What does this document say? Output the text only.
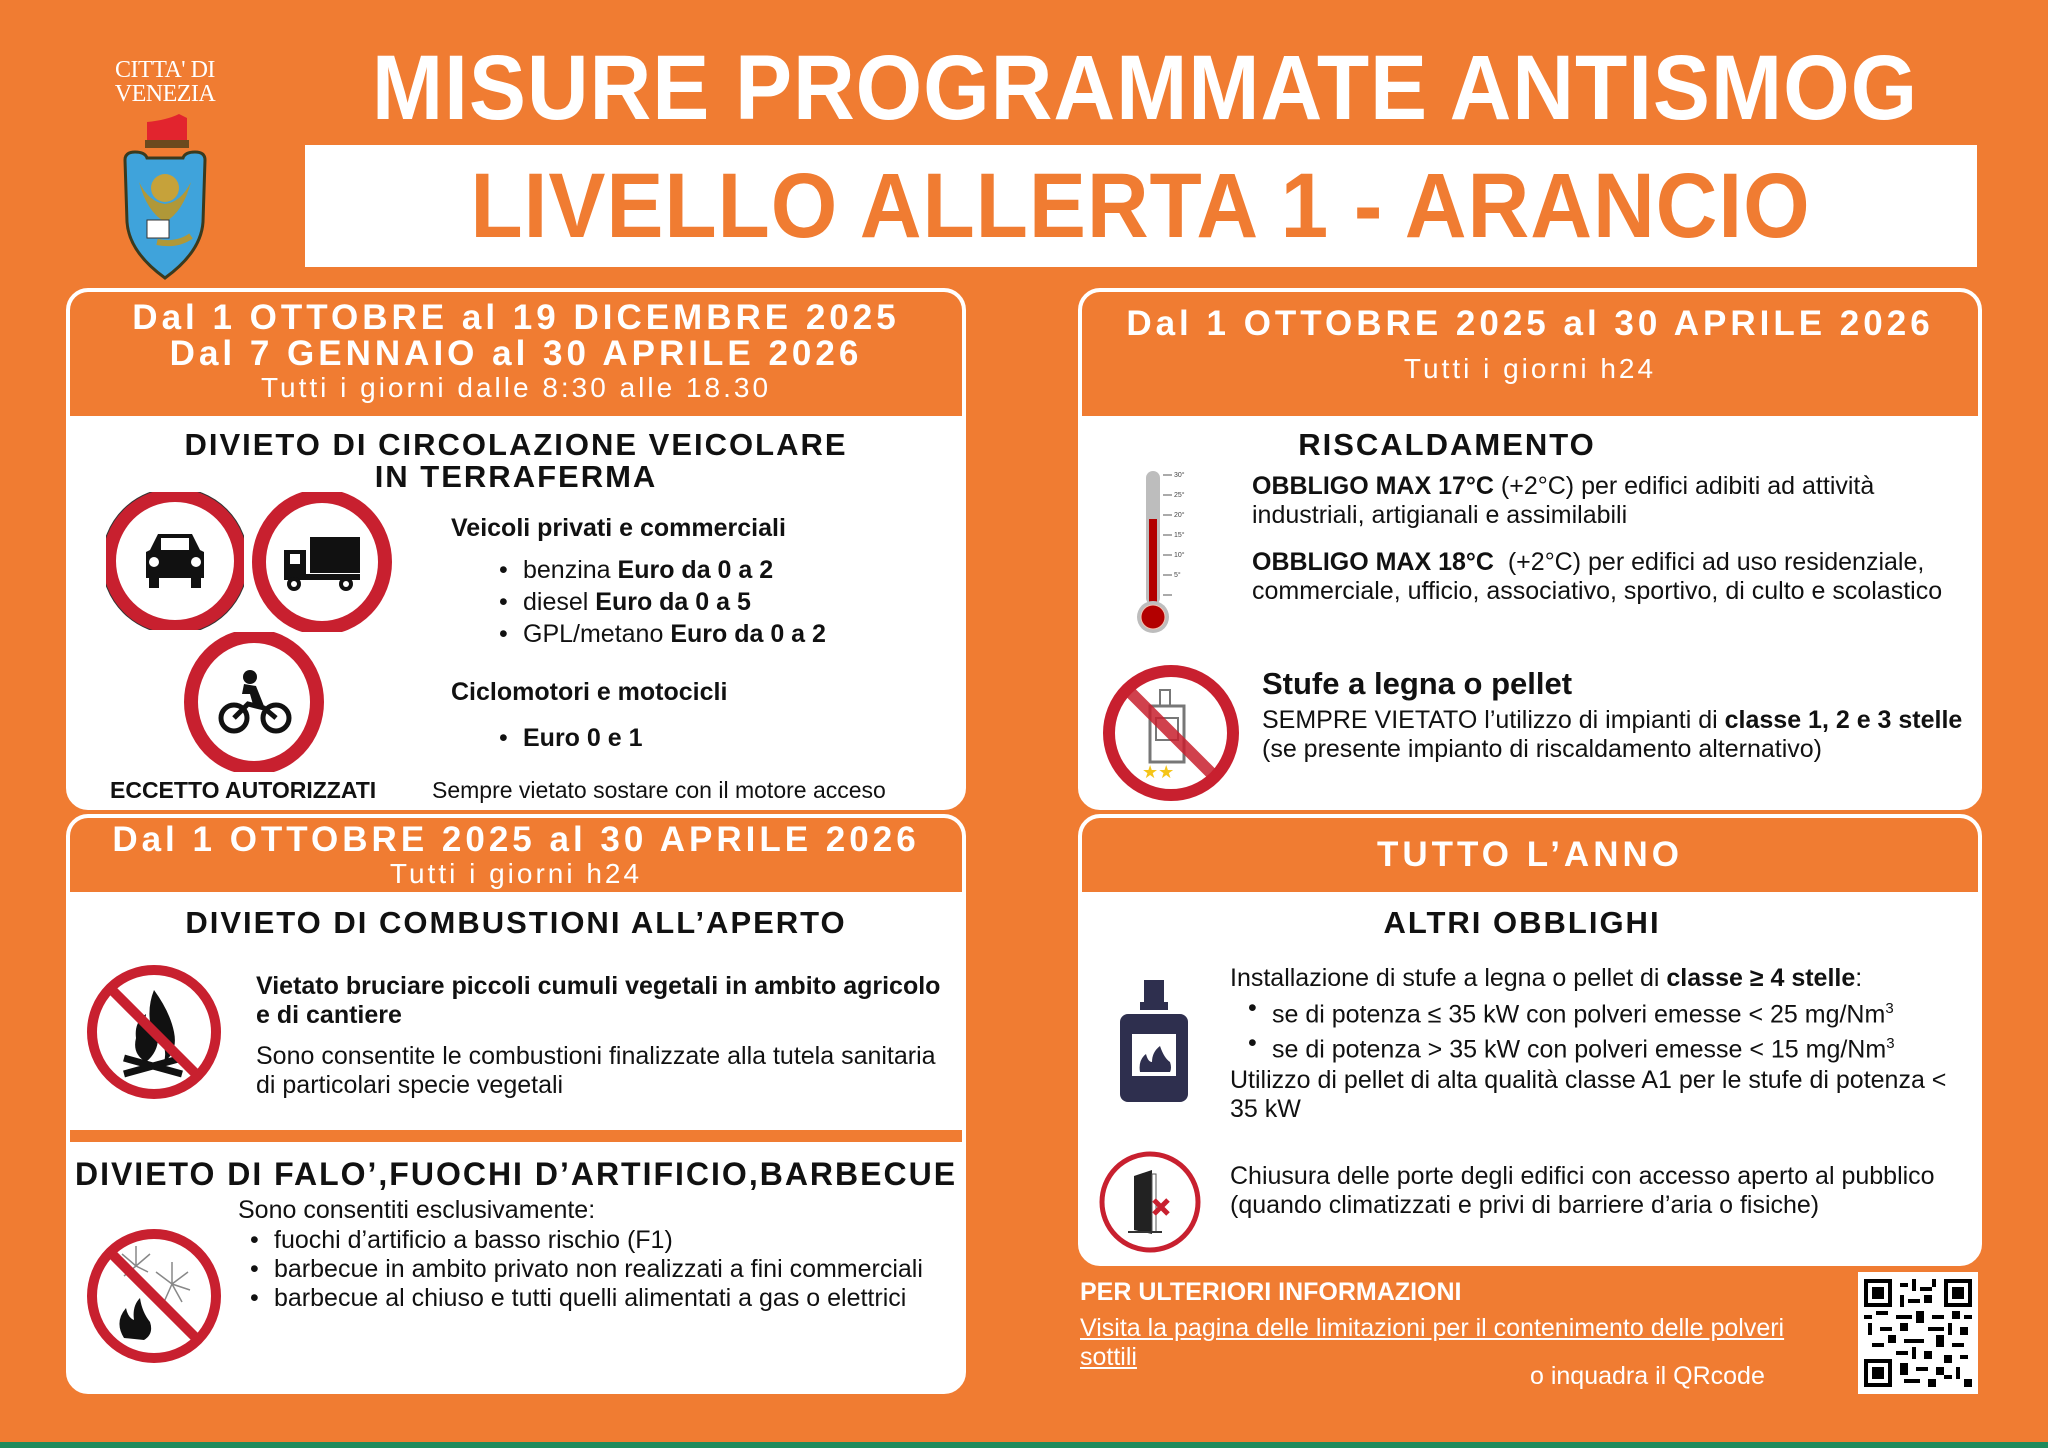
CITTA' DI
VENEZIA MISURE PROGRAMMATE ANTISMOG
LIVELLO ALLERTA 1 - ARANCIO
Dal 1 OTTOBRE al 19 DICEMBRE 2025
Dal 7 GENNAIO al 30 APRILE 2026
Tutti i giorni dalle 8:30 alle 18.30
DIVIETO DI CIRCOLAZIONE VEICOLARE
IN TERRAFERMA
Veicoli privati e commerciali
• benzina Euro da 0 a 2
• diesel Euro da 0 a 5
• GPL/metano Euro da 0 a 2
Ciclomotori e motocicli
• Euro 0 e 1
ECCETTO AUTORIZZATI Sempre vietato sostare con il motore acceso
Dal 1 OTTOBRE 2025 al 30 APRILE 2026
Tutti i giorni h24
RISCALDAMENTO
30°
25°
20°
15°
10°
5°
OBBLIGO MAX 17°C (+2°C) per edifici adibiti ad attività industriali, artigianali e assimilabili
OBBLIGO MAX 18°C  (+2°C) per edifici ad uso residenziale, commerciale, ufficio, associativo, sportivo, di culto e scolastico
★★
Stufe a legna o pellet
SEMPRE VIETATO l’utilizzo di impianti di classe 1, 2 e 3 stelle (se presente impianto di riscaldamento alternativo)
Dal 1 OTTOBRE 2025 al 30 APRILE 2026
Tutti i giorni h24
DIVIETO DI COMBUSTIONI ALL’APERTO
Vietato bruciare piccoli cumuli vegetali in ambito agricolo e di cantiere
Sono consentite le combustioni finalizzate alla tutela sanitaria di particolari specie vegetali
DIVIETO DI FALO’,FUOCHI D’ARTIFICIO,BARBECUE
Sono consentiti esclusivamente:
• fuochi d’artificio a basso rischio (F1)
• barbecue in ambito privato non realizzati a fini commerciali
• barbecue al chiuso e tutti quelli alimentati a gas o elettrici
TUTTO L’ANNO
ALTRI OBBLIGHI
Installazione di stufe a legna o pellet di classe ≥ 4 stelle:
• se di potenza ≤ 35 kW con polveri emesse < 25 mg/Nm$^3$
• se di potenza > 35 kW con polveri emesse < 15 mg/Nm$^3$
Utilizzo di pellet di alta qualità classe A1 per le stufe di potenza < 35 kW
Chiusura delle porte degli edifici con accesso aperto al pubblico (quando climatizzati e privi di barriere d’aria o fisiche)
PER ULTERIORI INFORMAZIONI
Visita la pagina delle limitazioni per il contenimento delle polveri sottili
o inquadra il QRcode
